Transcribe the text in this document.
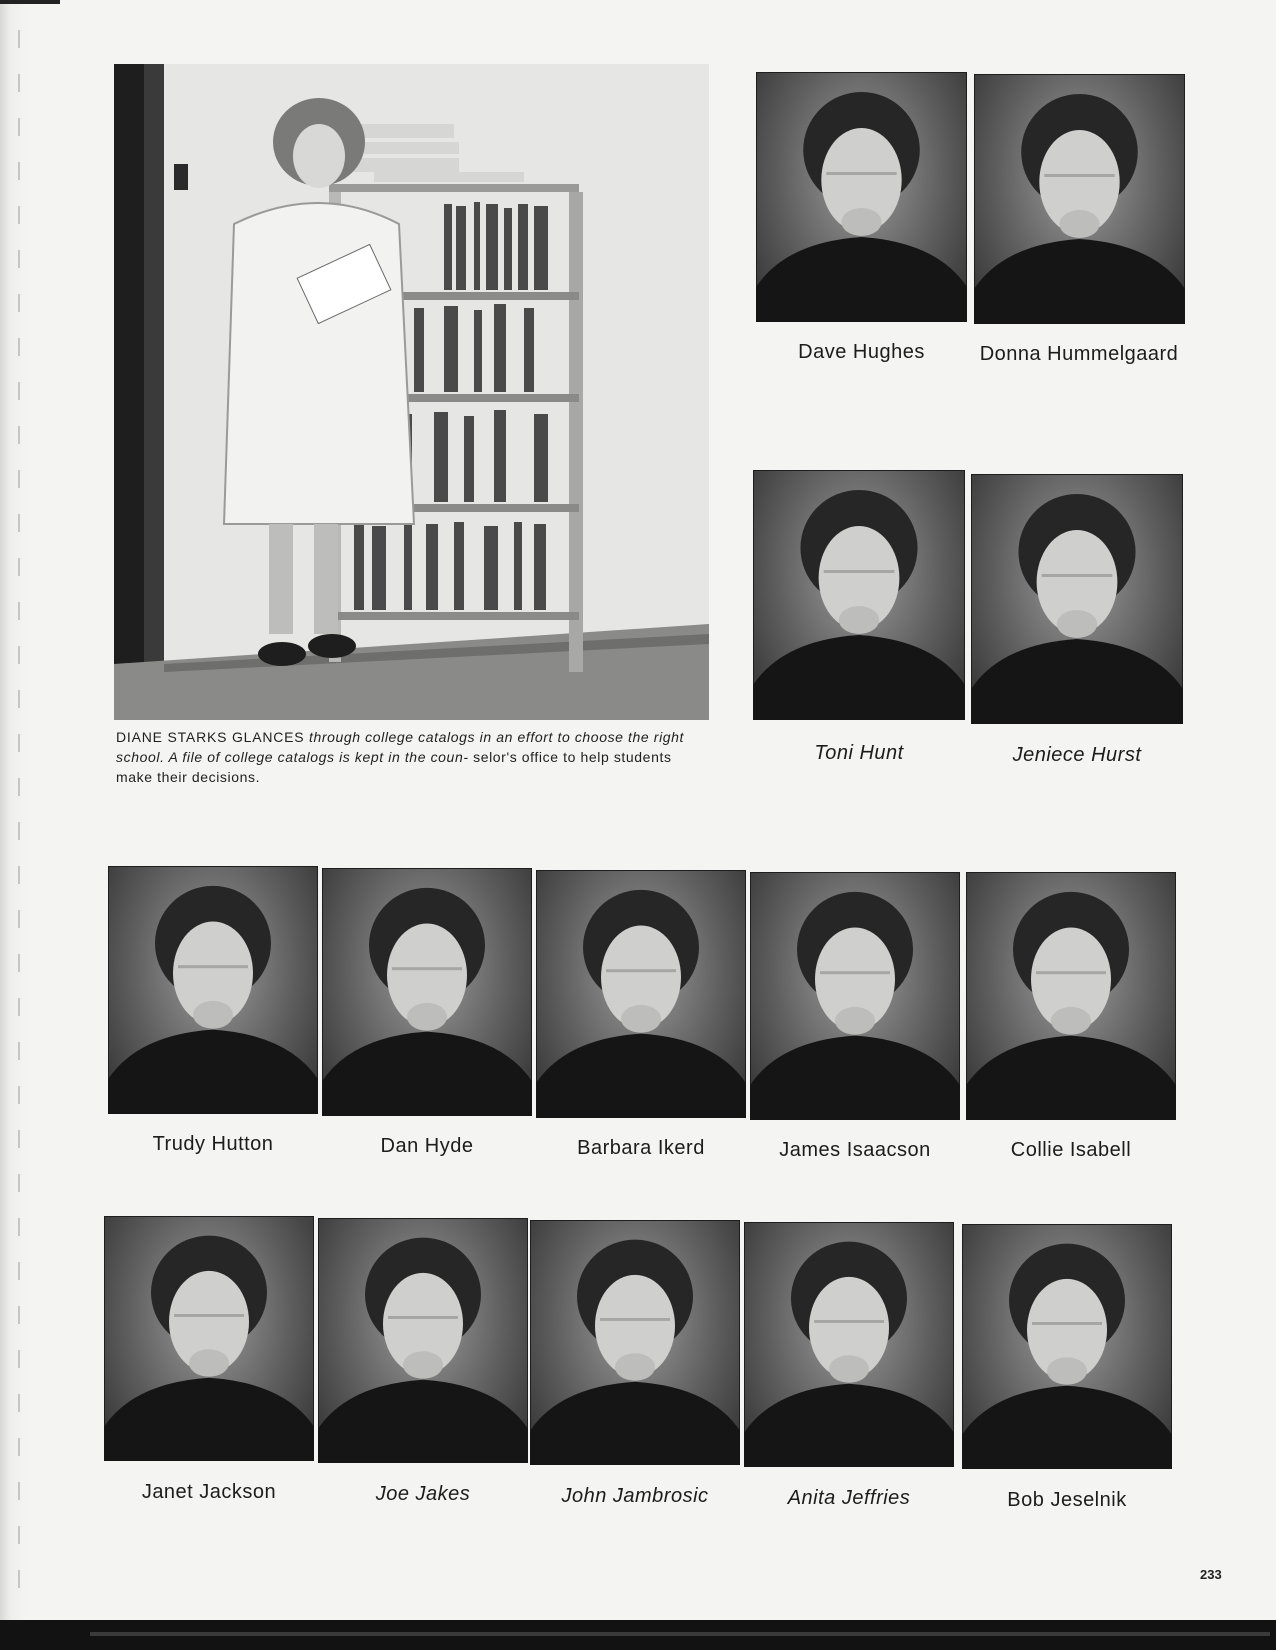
DIANE STARKS GLANCES through college catalogs in an effort to choose the right school. A file of college catalogs is kept in the coun- selor's office to help students make their decisions.
Dave Hughes	Donna Hummelgaard
Toni Hunt	Jeniece Hurst
Trudy Hutton	Dan Hyde	Barbara Ikerd	James Isaacson	Collie Isabell
Janet Jackson	Joe Jakes	John Jambrosic	Anita Jeffries	Bob Jeselnik
233
